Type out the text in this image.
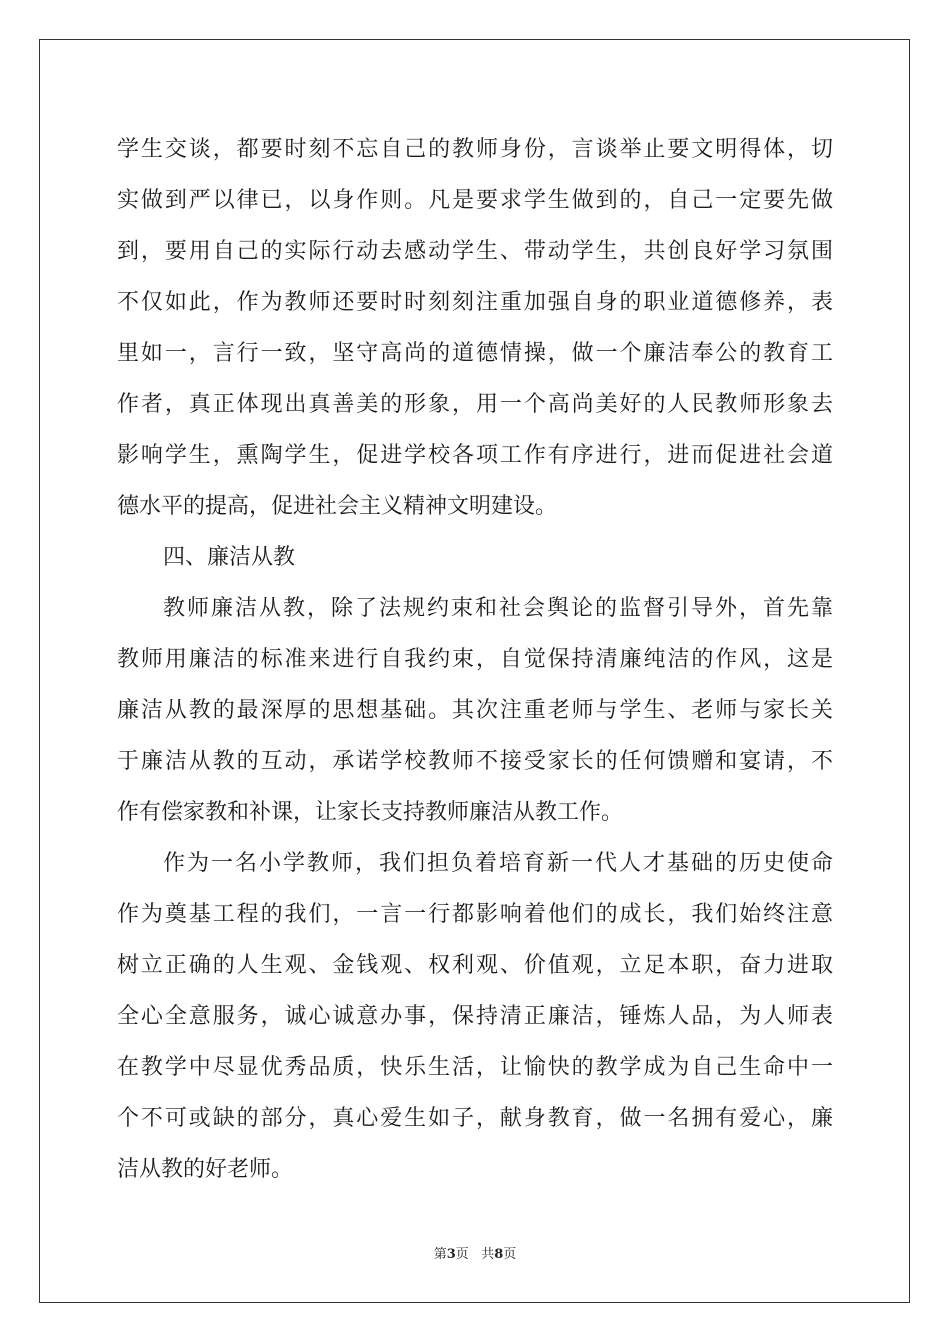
学生交谈，都要时刻不忘自己的教师身份，言谈举止要文明得体，切
实做到严以律已，以身作则。凡是要求学生做到的，自己一定要先做
到，要用自己的实际行动去感动学生、带动学生，共创良好学习氛围
不仅如此，作为教师还要时时刻刻注重加强自身的职业道德修养，表
里如一，言行一致，坚守高尚的道德情操，做一个廉洁奉公的教育工
作者，真正体现出真善美的形象，用一个高尚美好的人民教师形象去
影响学生，熏陶学生，促进学校各项工作有序进行，进而促进社会道
德水平的提高，促进社会主义精神文明建设。
四、廉洁从教
教师廉洁从教，除了法规约束和社会舆论的监督引导外，首先靠
教师用廉洁的标准来进行自我约束，自觉保持清廉纯洁的作风，这是
廉洁从教的最深厚的思想基础。其次注重老师与学生、老师与家长关
于廉洁从教的互动，承诺学校教师不接受家长的任何馈赠和宴请，不
作有偿家教和补课，让家长支持教师廉洁从教工作。
作为一名小学教师，我们担负着培育新一代人才基础的历史使命
作为奠基工程的我们，一言一行都影响着他们的成长，我们始终注意
树立正确的人生观、金钱观、权利观、价值观，立足本职，奋力进取
全心全意服务，诚心诚意办事，保持清正廉洁，锤炼人品，为人师表
在教学中尽显优秀品质，快乐生活，让愉快的教学成为自己生命中一
个不可或缺的部分，真心爱生如子，献身教育，做一名拥有爱心，廉
洁从教的好老师。
第3页 共8页
